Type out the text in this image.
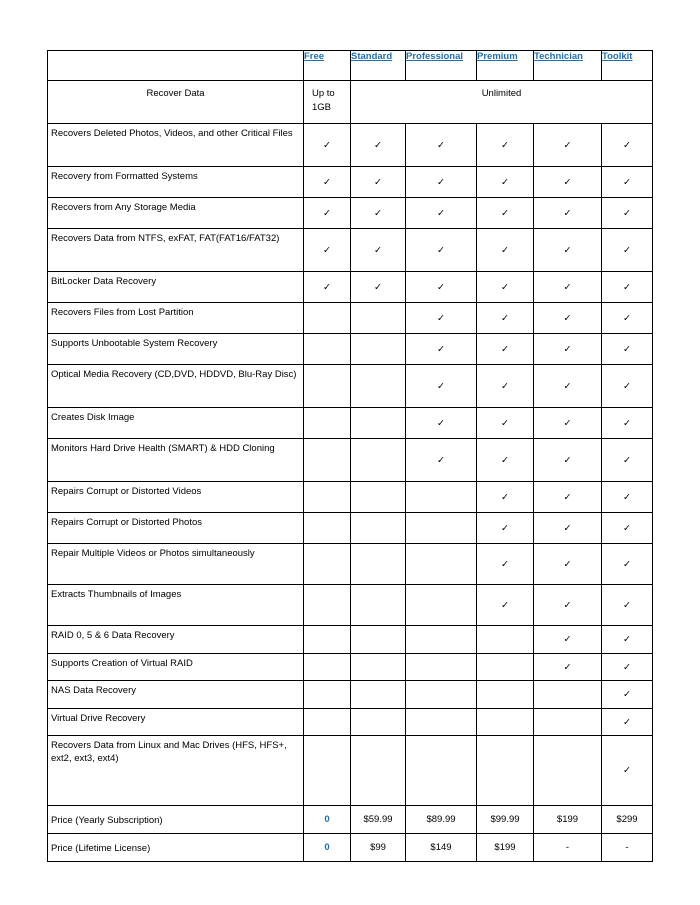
	Free	Standard	Professional	Premium	Technician	Toolkit
Recover Data	Up to 1GB	Unlimited				
Recovers Deleted Photos, Videos, and other Critical Files	✓	✓	✓	✓	✓	✓
Recovery from Formatted Systems	✓	✓	✓	✓	✓	✓
Recovers from Any Storage Media	✓	✓	✓	✓	✓	✓
Recovers Data from NTFS, exFAT, FAT(FAT16/FAT32)	✓	✓	✓	✓	✓	✓
BitLocker Data Recovery	✓	✓	✓	✓	✓	✓
Recovers Files from Lost Partition			✓	✓	✓	✓
Supports Unbootable System Recovery			✓	✓	✓	✓
Optical Media Recovery (CD,DVD, HDDVD, Blu-Ray Disc)			✓	✓	✓	✓
Creates Disk Image			✓	✓	✓	✓
Monitors Hard Drive Health (SMART) & HDD Cloning			✓	✓	✓	✓
Repairs Corrupt or Distorted Videos				✓	✓	✓
Repairs Corrupt or Distorted Photos				✓	✓	✓
Repair Multiple Videos or Photos simultaneously				✓	✓	✓
Extracts Thumbnails of Images				✓	✓	✓
RAID 0, 5 & 6 Data Recovery					✓	✓
Supports Creation of Virtual RAID					✓	✓
NAS Data Recovery						✓
Virtual Drive Recovery						✓
Recovers Data from Linux and Mac Drives (HFS, HFS+, ext2, ext3, ext4)						✓
Price (Yearly Subscription)	0	$59.99	$89.99	$99.99	$199	$299
Price (Lifetime License)	0	$99	$149	$199	-	-
